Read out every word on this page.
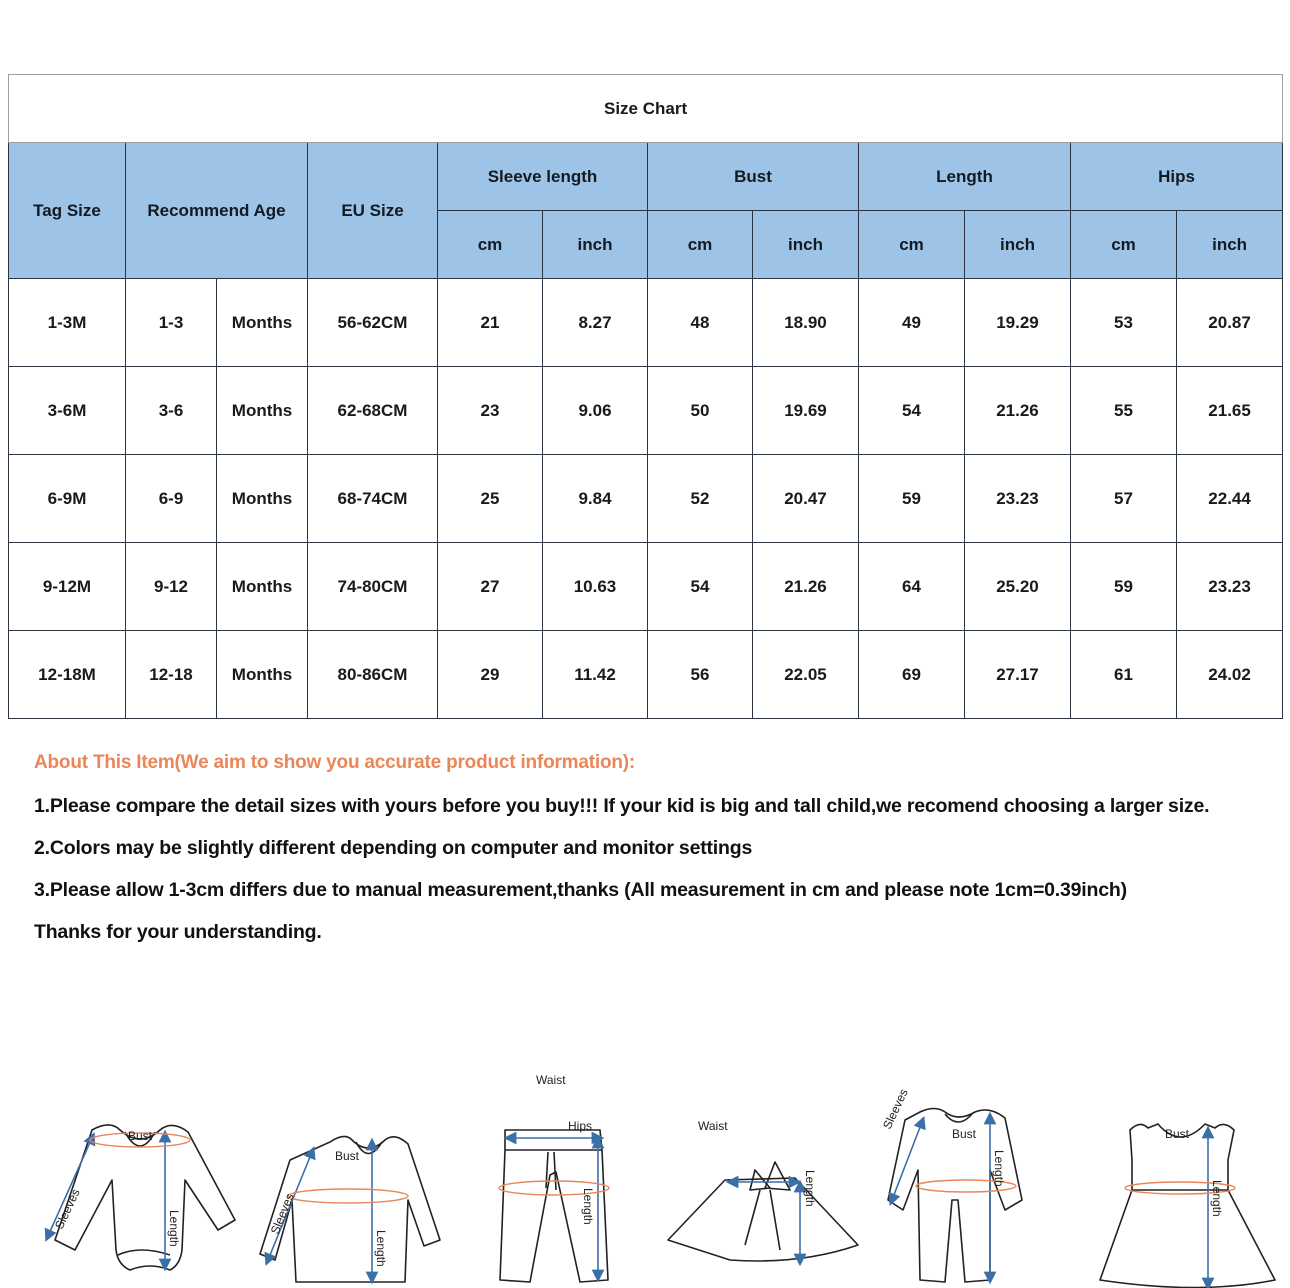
Size Chart											
Tag Size	Recommend Age		EU Size	Sleeve length		Bust		Length		Hips	
				cm	inch	cm	inch	cm	inch	cm	inch
1-3M	1-3	Months	56-62CM	21	8.27	48	18.90	49	19.29	53	20.87
3-6M	3-6	Months	62-68CM	23	9.06	50	19.69	54	21.26	55	21.65
6-9M	6-9	Months	68-74CM	25	9.84	52	20.47	59	23.23	57	22.44
9-12M	9-12	Months	74-80CM	27	10.63	54	21.26	64	25.20	59	23.23
12-18M	12-18	Months	80-86CM	29	11.42	56	22.05	69	27.17	61	24.02
About This Item(We aim to show you accurate product information):

1.Please compare the detail sizes with yours before you buy!!! If your kid is big and tall child,we recomend choosing a larger size.

2.Colors may be slightly different depending on computer and monitor settings

3.Please allow 1-3cm differs due to manual measurement,thanks (All measurement in cm and please note 1cm=0.39inch)

Thanks for your understanding.

Bust
Sleeves	Length
Bust
Sleeves
Length
Waist
Hips
Length
Waist
Length
Bust
Sleeves
Length
Bust
Length
